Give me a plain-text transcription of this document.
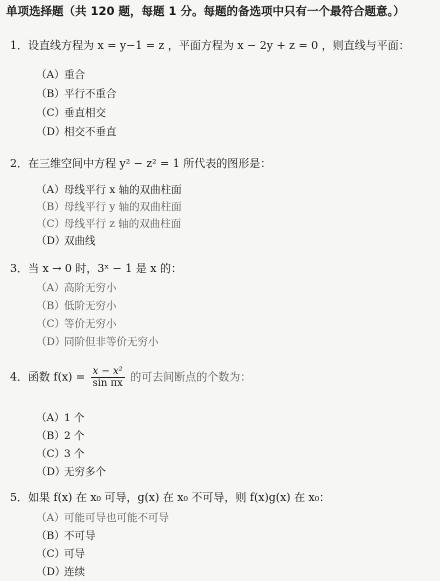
单项选择题（共 120 题，每题 1 分。每题的备选项中只有一个最符合题意。）
1．设直线方程为 x = y−1 = z ，平面方程为 x − 2y + z = 0 ，则直线与平面：
（A）重合
（B）平行不重合
（C）垂直相交
（D）相交不垂直
2．在三维空间中方程 y² − z² = 1 所代表的图形是：
（A）母线平行 x 轴的双曲柱面
（B）母线平行 y 轴的双曲柱面
（C）母线平行 z 轴的双曲柱面
（D）双曲线
3．当 x → 0 时，3ˣ − 1 是 x 的：
（A）高阶无穷小
（B）低阶无穷小
（C）等价无穷小
（D）同阶但非等价无穷小
4．函数 $f(x) = \frac{\text{x − x²}}{\text{sin πx}}$ 的可去间断点的个数为：
（A）1 个
（B）2 个
（C）3 个
（D）无穷多个
5．如果 f(x) 在 x₀ 可导，g(x) 在 x₀ 不可导，则 f(x)g(x) 在 x₀：
（A）可能可导也可能不可导
（B）不可导
（C）可导
（D）连续
